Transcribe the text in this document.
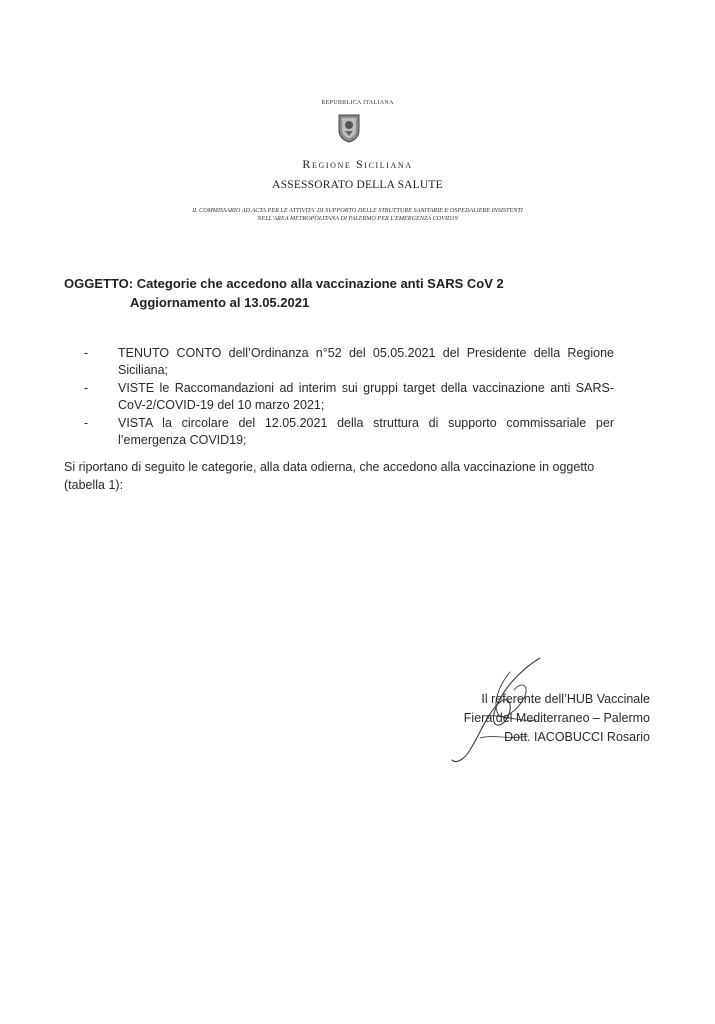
REPUBBLICA ITALIANA
Regione Siciliana
ASSESSORATO DELLA SALUTE
IL COMMISSARIO AD ACTA PER LE ATTIVITA' DI SUPPORTO DELLE STRUTTURE SANITARIE E OSPEDALIERE INSISTENTI
NELL'AREA METROPOLITANA DI PALERMO PER L'EMERGENZA COVID19
OGGETTO: Categorie che accedono alla vaccinazione anti SARS CoV 2
Aggiornamento al 13.05.2021
- TENUTO CONTO dell’Ordinanza n°52 del 05.05.2021 del Presidente della Regione Siciliana;
- VISTE le Raccomandazioni ad interim sui gruppi target della vaccinazione anti SARS-CoV-2/COVID-19 del 10 marzo 2021;
- VISTA la circolare del 12.05.2021 della struttura di supporto commissariale per l’emergenza COVID19;
Si riportano di seguito le categorie, alla data odierna, che accedono alla vaccinazione in oggetto (tabella 1):
Il referente dell’HUB Vaccinale
Fiera del Mediterraneo – Palermo
Dott. IACOBUCCI Rosario
